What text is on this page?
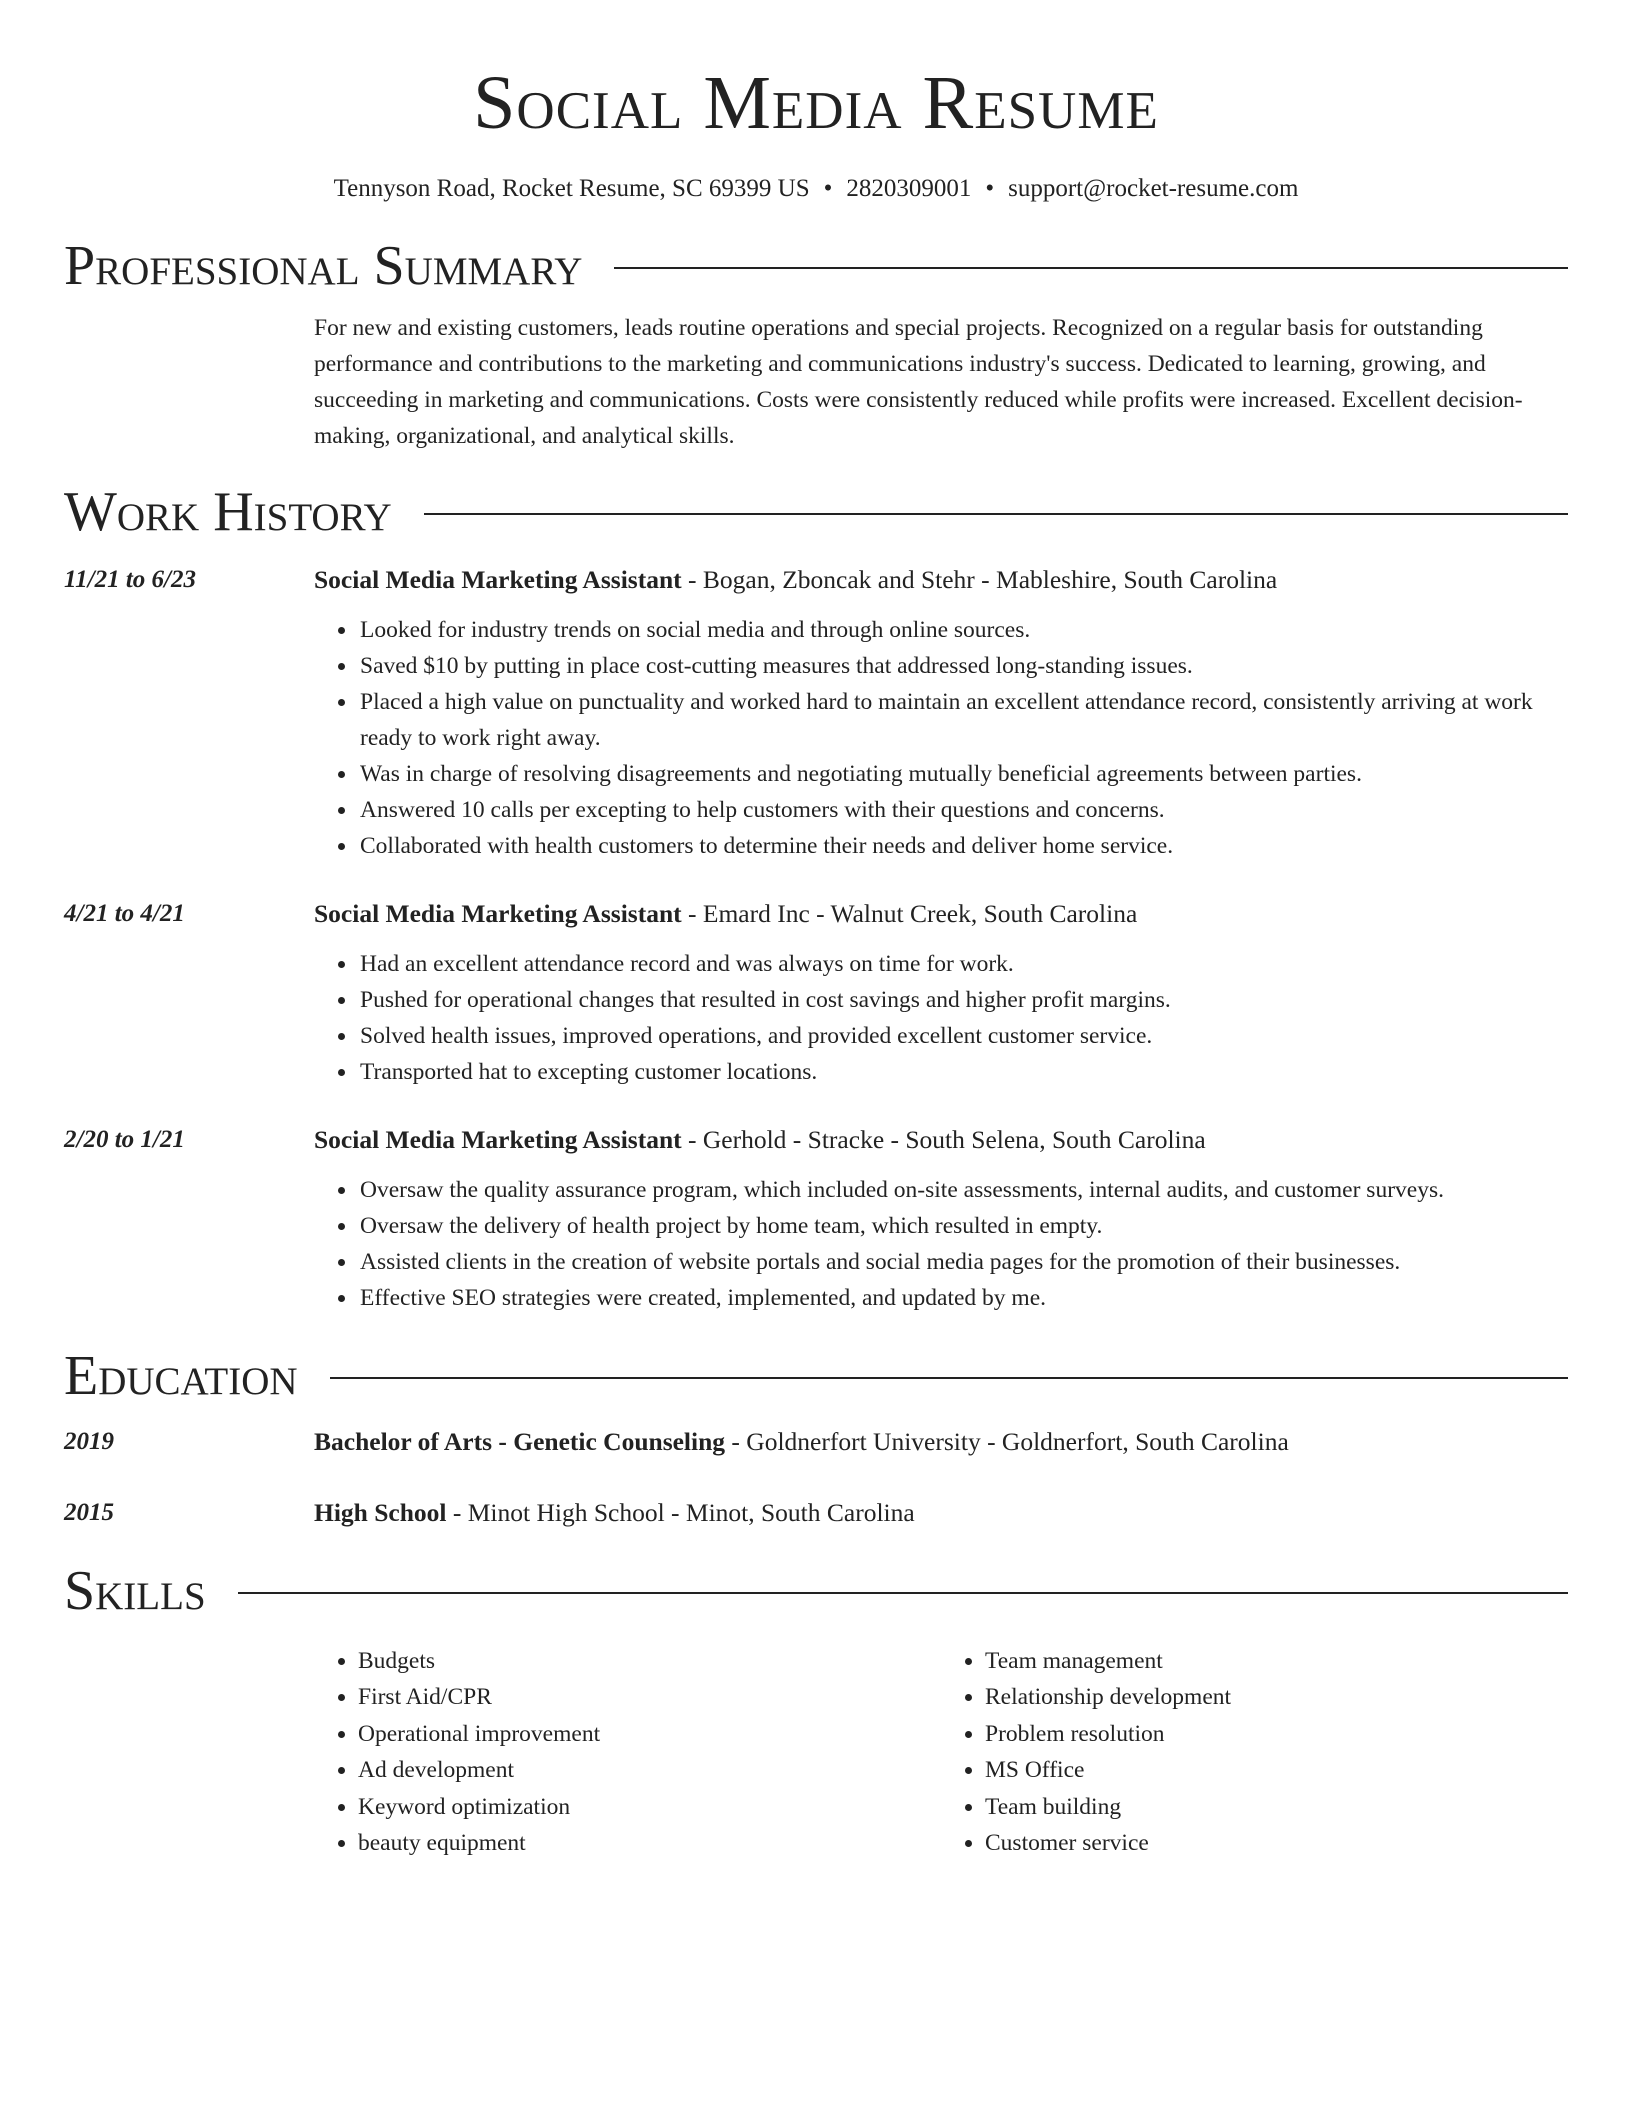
Social Media Resume
Tennyson Road, Rocket Resume, SC 69399 US • 2820309001 • support@rocket-resume.com
Professional Summary
For new and existing customers, leads routine operations and special projects. Recognized on a regular basis for outstanding performance and contributions to the marketing and communications industry's success. Dedicated to learning, growing, and succeeding in marketing and communications. Costs were consistently reduced while profits were increased. Excellent decision-making, organizational, and analytical skills.
Work History
11/21 to 6/23	Social Media Marketing Assistant - Bogan, Zboncak and Stehr - Mableshire, South Carolina
• Looked for industry trends on social media and through online sources.
• Saved $10 by putting in place cost-cutting measures that addressed long-standing issues.
• Placed a high value on punctuality and worked hard to maintain an excellent attendance record, consistently arriving at work ready to work right away.
• Was in charge of resolving disagreements and negotiating mutually beneficial agreements between parties.
• Answered 10 calls per excepting to help customers with their questions and concerns.
• Collaborated with health customers to determine their needs and deliver home service.
4/21 to 4/21	Social Media Marketing Assistant - Emard Inc - Walnut Creek, South Carolina
• Had an excellent attendance record and was always on time for work.
• Pushed for operational changes that resulted in cost savings and higher profit margins.
• Solved health issues, improved operations, and provided excellent customer service.
• Transported hat to excepting customer locations.
2/20 to 1/21	Social Media Marketing Assistant - Gerhold - Stracke - South Selena, South Carolina
• Oversaw the quality assurance program, which included on-site assessments, internal audits, and customer surveys.
• Oversaw the delivery of health project by home team, which resulted in empty.
• Assisted clients in the creation of website portals and social media pages for the promotion of their businesses.
• Effective SEO strategies were created, implemented, and updated by me.
Education
2019	Bachelor of Arts - Genetic Counseling - Goldnerfort University - Goldnerfort, South Carolina
2015	High School - Minot High School - Minot, South Carolina
Skills
• Budgets
• First Aid/CPR
• Operational improvement
• Ad development
• Keyword optimization
• beauty equipment
• Team management
• Relationship development
• Problem resolution
• MS Office
• Team building
• Customer service
